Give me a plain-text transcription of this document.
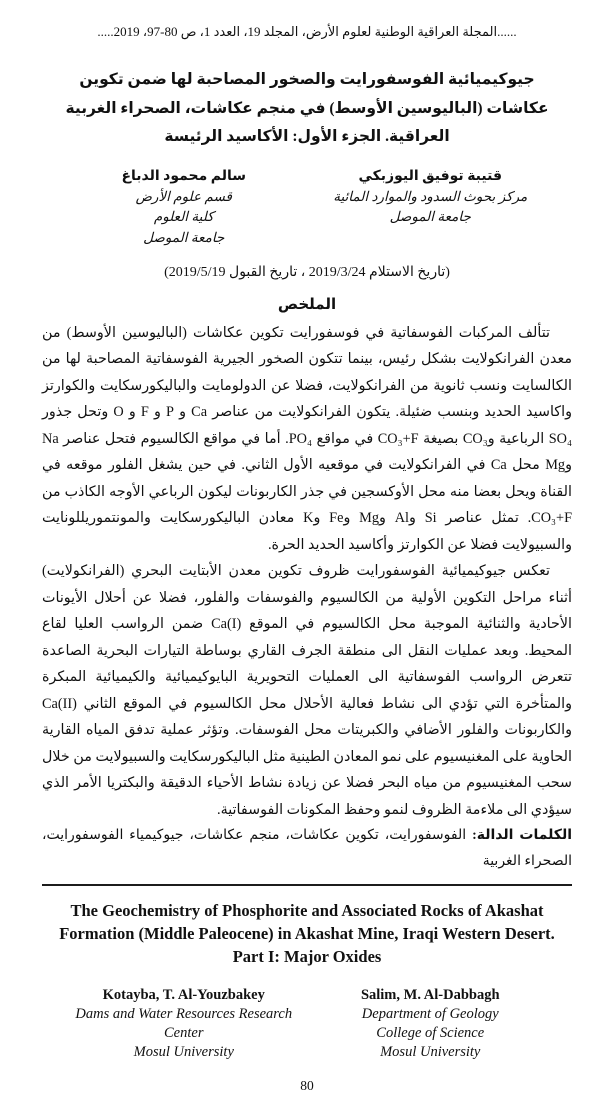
......المجلة العراقية الوطنية لعلوم الأرض، المجلد 19، العدد 1، ص 80-97، 2019.....
جيوكيميائية الفوسفورايت والصخور المصاحبة لها ضمن تكوين عكاشات (الباليوسين الأوسط) في منجم عكاشات، الصحراء الغربية العراقية. الجزء الأول: الأكاسيد الرئيسة
قتيبة توفيق اليوزبكي
مركز بحوث السدود والموارد المائية
جامعة الموصل
سالم محمود الدباغ
قسم علوم الأرض
كلية العلوم
جامعة الموصل
(تاريخ الاستلام 2019/3/24 ، تاريخ القبول 2019/5/19)
الملخص

تتألف المركبات الفوسفاتية في فوسفورايت تكوين عكاشات (الباليوسين الأوسط) من معدن الفرانكولايت بشكل رئيس، بينما تتكون الصخور الجيرية الفوسفاتية المصاحبة لها من الكالسايت ونسب ثانوية من الفرانكولايت، فضلا عن الدولومايت والباليكورسكايت والكوارتز واكاسيد الحديد وبنسب ضئيلة. يتكون الفرانكولايت من عناصر Ca و P و F و O وتحل جذور SO₄ الرباعية وCO₃ بصيغة CO₃+F في مواقع PO₄. أما في مواقع الكالسيوم فتحل عناصر Na وMg محل Ca في الفرانكولايت في موقعيه الأول الثاني. في حين يشغل الفلور موقعه في القناة ويحل بعضا منه محل الأوكسجين في جذر الكاربونات ليكون الرباعي الأوجه الكاذب من CO₃+F. تمثل عناصر Si وAl وMg وFe وK معادن الباليكورسكايت والمونتموريللونايت والسبيولايت فضلا عن الكوارتز وأكاسيد الحديد الحرة.

تعكس جيوكيميائية الفوسفورايت ظروف تكوين معدن الأبتايت البحري (الفرانكولايت) أثناء مراحل التكوين الأولية من الكالسيوم والفوسفات والفلور، فضلا عن أحلال الأيونات الأحادية والثنائية الموجبة محل الكالسيوم في الموقع Ca(I) ضمن الرواسب العليا لقاع المحيط. وبعد عمليات النقل الى منطقة الجرف القاري بوساطة التيارات البحرية الصاعدة تتعرض الرواسب الفوسفاتية الى العمليات التحويرية البايوكيميائية والكيميائية المبكرة والمتأخرة التي تؤدي الى نشاط فعالية الأحلال محل الكالسيوم في الموقع الثاني Ca(II) والكاربونات والفلور الأضافي والكبريتات محل الفوسفات. وتؤثر عملية تدفق المياه القارية الحاوية على المغنيسيوم على نمو المعادن الطينية مثل الباليكورسكايت والسبيولايت من خلال سحب المغنيسيوم من مياه البحر فضلا عن زيادة نشاط الأحياء الدقيقة والبكتريا الأمر الذي سيؤدي الى ملاءمة الظروف لنمو وحفظ المكونات الفوسفاتية.

الكلمات الدالة: الفوسفورايت، تكوين عكاشات، منجم عكاشات، جيوكيمياء الفوسفورايت، الصحراء الغربية

The Geochemistry of Phosphorite and Associated Rocks of Akashat Formation (Middle Paleocene) in Akashat Mine, Iraqi Western Desert. Part I: Major Oxides
Kotayba, T. Al-Youzbakey
Dams and Water Resources Research Center
Mosul University
Salim, M. Al-Dabbagh
Department of Geology
College of Science
Mosul University
80
